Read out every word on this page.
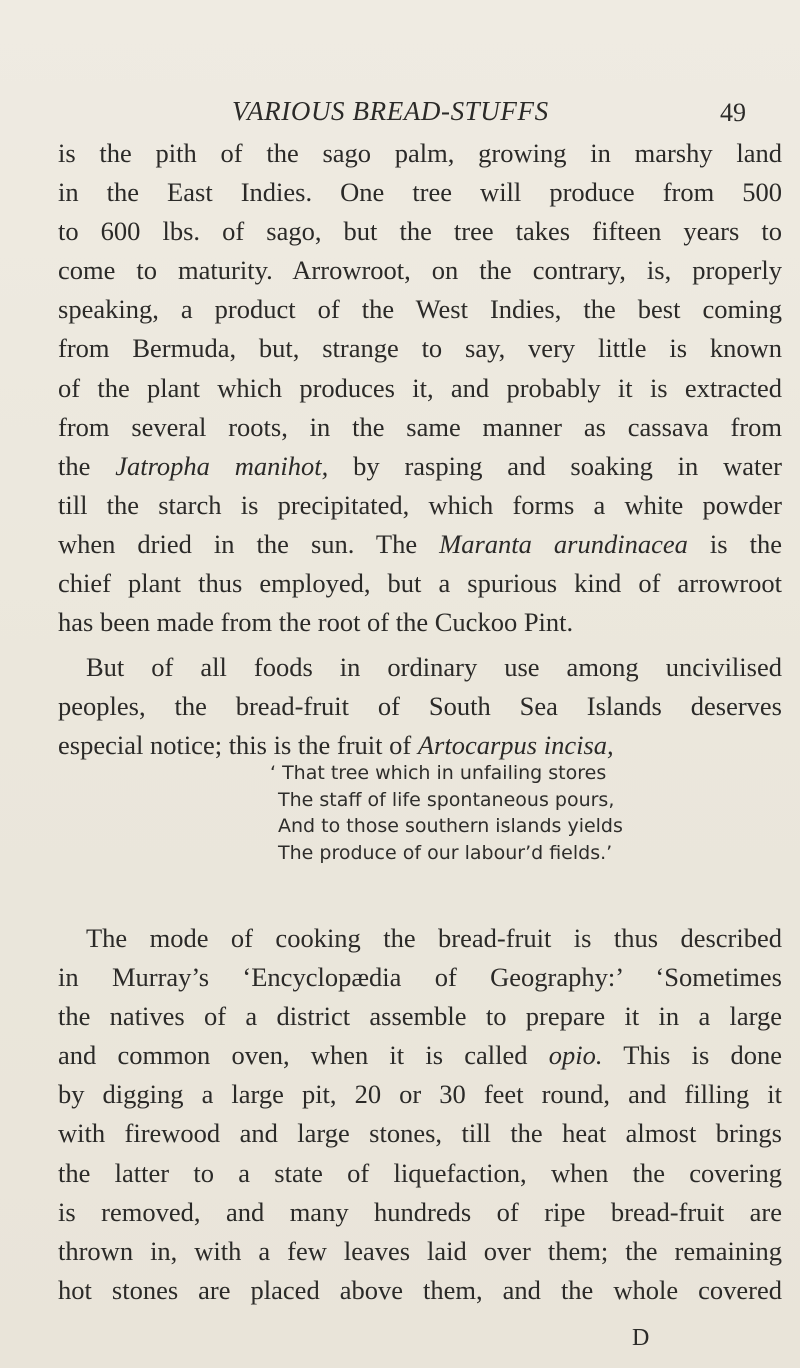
VARIOUS BREAD-STUFFS	49
is the pith of the sago palm, growing in marshy land
in the East Indies. One tree will produce from 500
to 600 lbs. of sago, but the tree takes fifteen years to
come to maturity. Arrowroot, on the contrary, is, properly
speaking, a product of the West Indies, the best coming
from Bermuda, but, strange to say, very little is known
of the plant which produces it, and probably it is extracted
from several roots, in the same manner as cassava from
the Jatropha manihot, by rasping and soaking in water
till the starch is precipitated, which forms a white powder
when dried in the sun. The Maranta arundinacea is the
chief plant thus employed, but a spurious kind of arrowroot
has been made from the root of the Cuckoo Pint.
But of all foods in ordinary use among uncivilised
peoples, the bread-fruit of South Sea Islands deserves
especial notice; this is the fruit of Artocarpus incisa,
‘ That tree which in unfailing stores
The staff of life spontaneous pours,
And to those southern islands yields
The produce of our labour’d fields.’
The mode of cooking the bread-fruit is thus described
in Murray’s ‘Encyclopædia of Geography:’ ‘Sometimes
the natives of a district assemble to prepare it in a large
and common oven, when it is called opio. This is done
by digging a large pit, 20 or 30 feet round, and filling it
with firewood and large stones, till the heat almost brings
the latter to a state of liquefaction, when the covering
is removed, and many hundreds of ripe bread-fruit are
thrown in, with a few leaves laid over them; the remaining
hot stones are placed above them, and the whole covered
D
